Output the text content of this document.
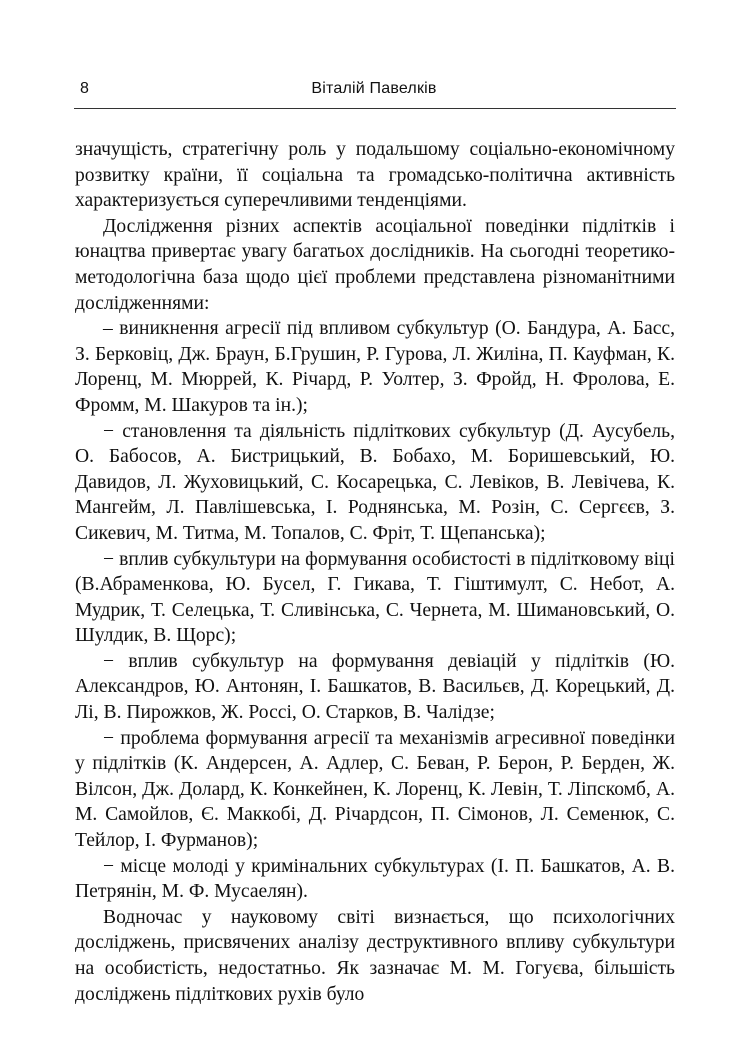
8	Віталій Павелків

значущість, стратегічну роль у подальшому соціально-економічному розвитку країни, її соціальна та громадсько-політична активність характеризується суперечливими тенденціями.

Дослідження різних аспектів асоціальної поведінки підлітків і юнацтва привертає увагу багатьох дослідників. На сьогодні теоретико-методологічна база щодо цієї проблеми представлена різноманітними дослідженнями:

– виникнення агресії під впливом субкультур (О. Бандура, А. Басс, З. Берковіц, Дж. Браун, Б.Грушин, Р. Гурова, Л. Жиліна, П. Кауфман, К. Лоренц, М. Мюррей, К. Річард, Р. Уолтер, З. Фройд, Н. Фролова, Е. Фромм, М. Шакуров та ін.);

− становлення та діяльність підліткових субкультур (Д. Аусубель, О. Бабосов, А. Бистрицький, В. Бобахо, М. Боришевський, Ю. Давидов, Л. Жуховицький, С. Косарецька, С. Левіков, В. Левічева, К. Мангейм, Л. Павлішевська, І. Роднянська, М. Розін, С. Сергєєв, З. Сикевич, М. Титма, М. Топалов, С. Фріт, Т. Щепанська);

− вплив субкультури на формування особистості в підлітковому віці (В.Абраменкова, Ю. Бусел, Г. Гикава, Т. Гіштимулт, С. Небот, А. Мудрик, Т. Селецька, Т. Сливінська, С. Чернета, М. Шимановський, О. Шулдик, В. Щорс);

− вплив субкультур на формування девіацій у підлітків (Ю. Александров, Ю. Антонян, І. Башкатов, В. Васильєв, Д. Корецький, Д. Лі, В. Пирожков, Ж. Россі, О. Старков, В. Чалідзе;

− проблема формування агресії та механізмів агресивної поведінки у підлітків (К. Андерсен, А. Адлер, С. Беван, Р. Берон, Р. Берден, Ж. Вілсон, Дж. Долард, К. Конкейнен, К. Лоренц, К. Левін, Т. Ліпскомб, А. М. Самойлов, Є. Маккобі, Д. Річардсон, П. Сімонов, Л. Семенюк, С. Тейлор, І. Фурманов);

− місце молоді у кримінальних субкультурах (І. П. Башкатов, А. В. Петрянін, М. Ф. Мусаелян).

Водночас у науковому світі визнається, що психологічних досліджень, присвячених аналізу деструктивного впливу субкультури на особистість, недостатньо. Як зазначає М. М. Гогуєва, більшість досліджень підліткових рухів було
